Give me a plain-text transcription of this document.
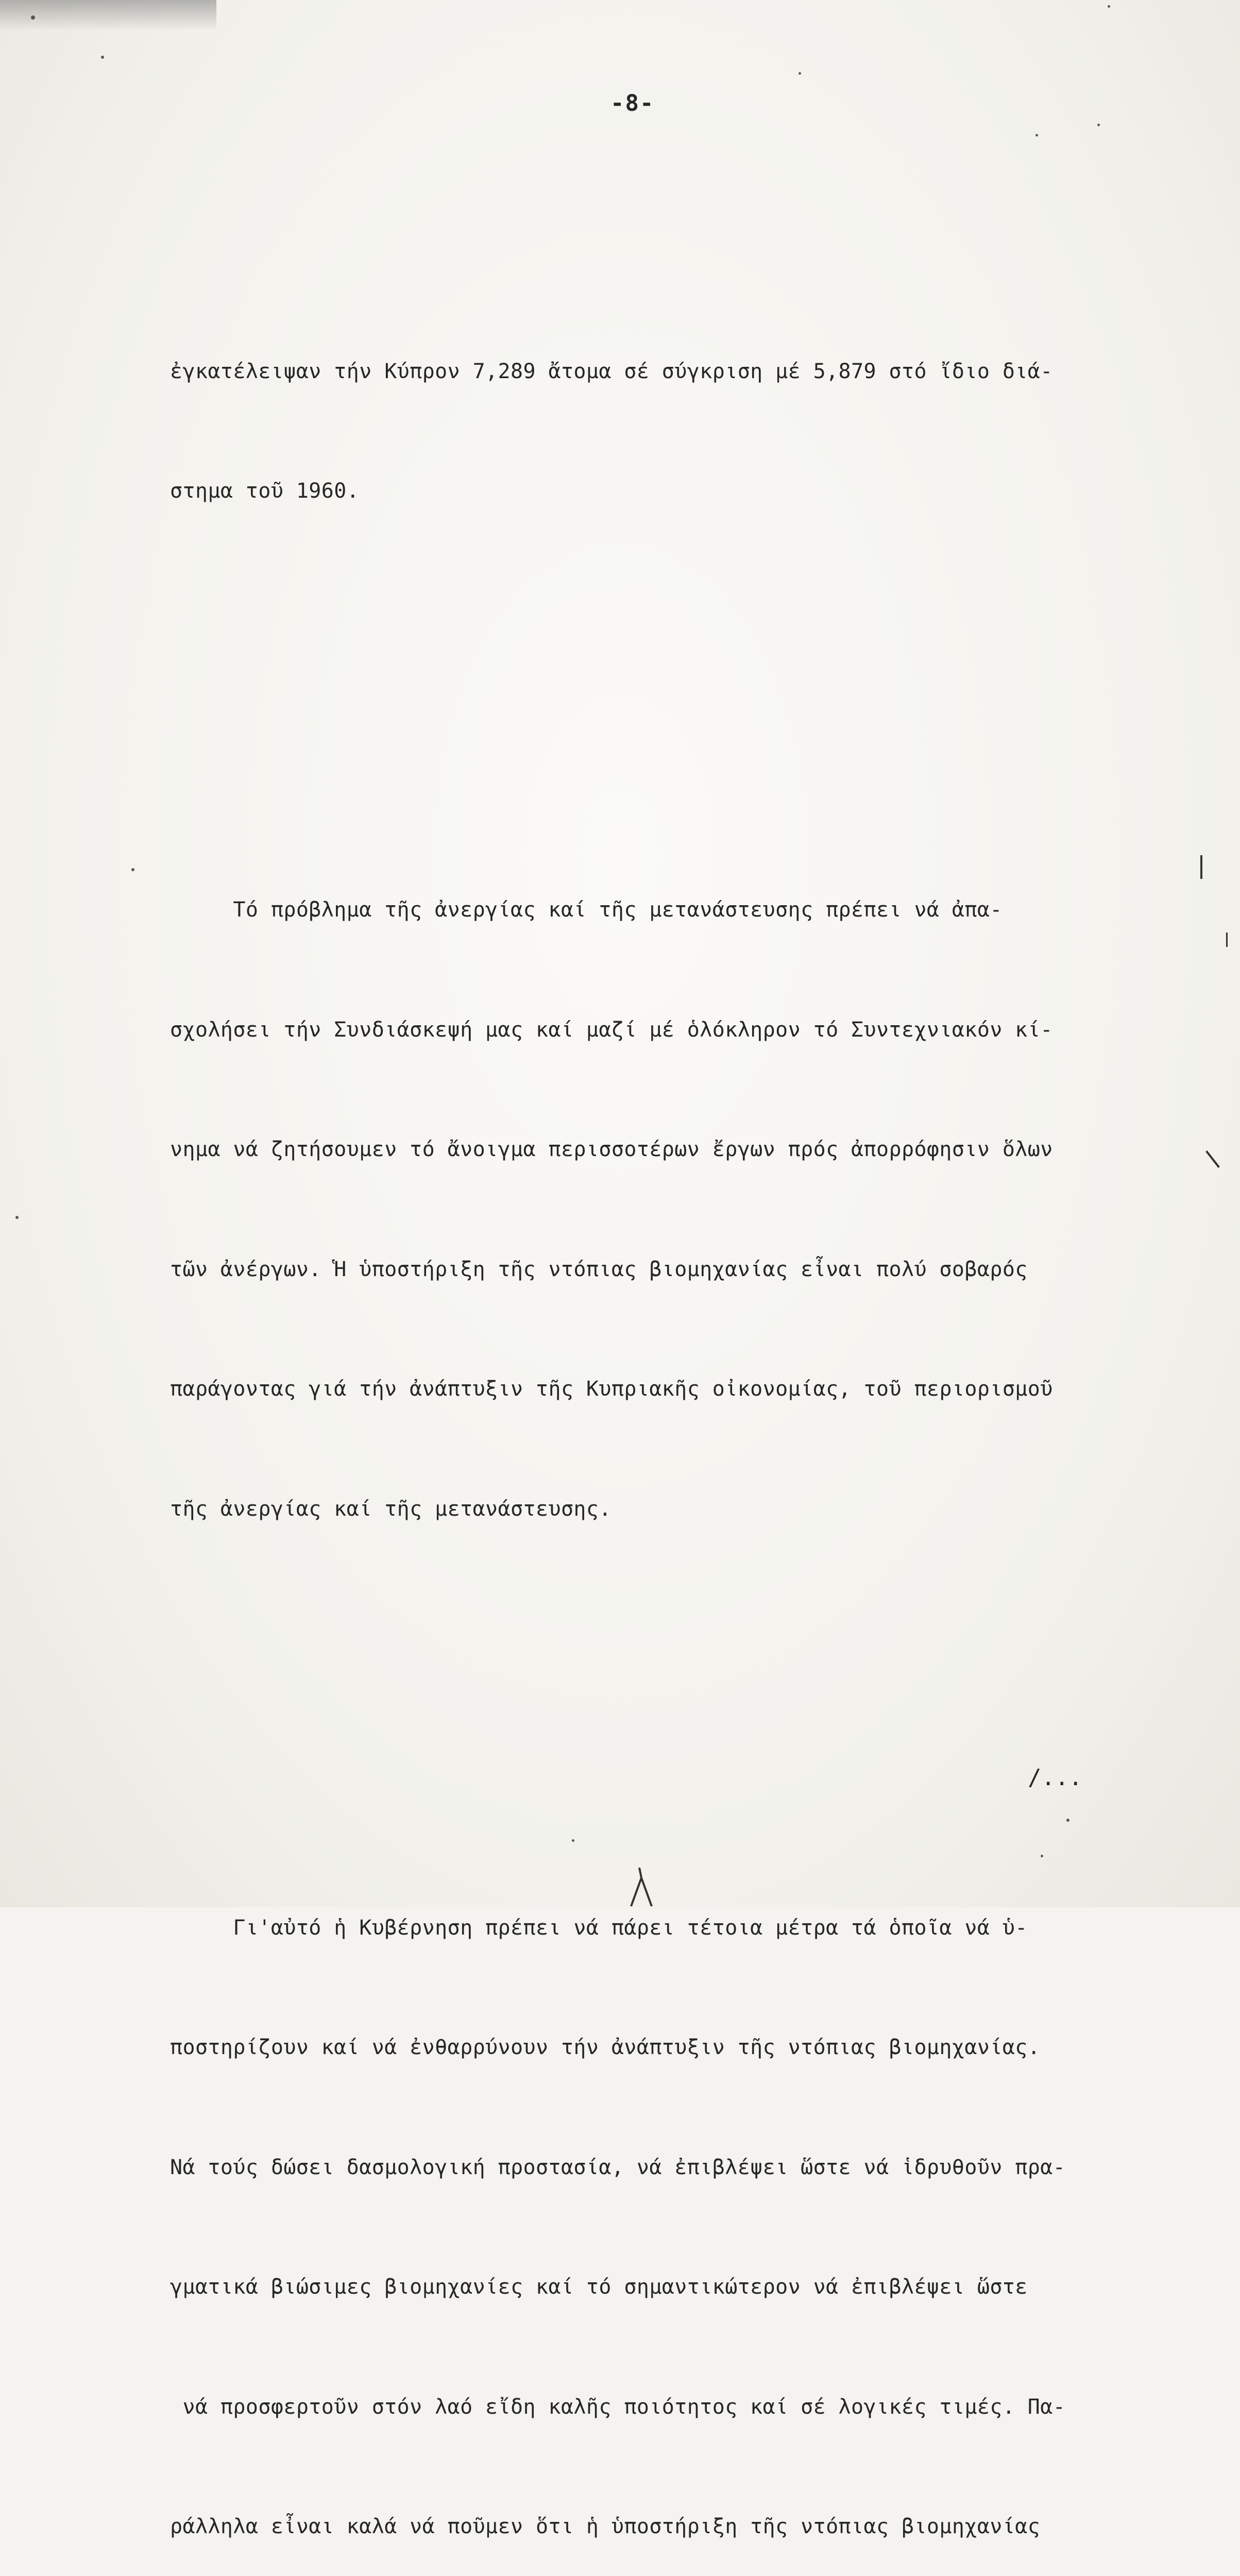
-8-

ἐγκατέλειψαν τήν Κύπρον 7,289 ἄτομα σέ σύγκριση μέ 5,879 στό ἴδιο διά-

στημα τοῦ 1960.

Τό πρόβλημα τῆς ἀνεργίας καί τῆς μετανάστευσης πρέπει νά ἀπα-

σχολήσει τήν Συνδιάσκεψή μας καί μαζί μέ ὁλόκληρον τό Συντεχνιακόν κί-

νημα νά ζητήσουμεν τό ἄνοιγμα περισσοτέρων ἔργων πρός ἀπορρόφησιν ὅλων

τῶν ἀνέργων. Ἡ ὑποστήριξη τῆς ντόπιας βιομηχανίας εἶναι πολύ σοβαρός

παράγοντας γιά τήν ἀνάπτυξιν τῆς Κυπριακῆς οἰκονομίας, τοῦ περιορισμοῦ

τῆς ἀνεργίας καί τῆς μετανάστευσης.

Γι'αὐτό ἡ Κυβέρνηση πρέπει νά πάρει τέτοια μέτρα τά ὁποῖα νά ὑ-

ποστηρίζουν καί νά ἐνθαρρύνουν τήν ἀνάπτυξιν τῆς ντόπιας βιομηχανίας.

Νά τούς δώσει δασμολογική προστασία, νά ἐπιβλέψει ὥστε νά ἱδρυθοῦν πρα-

γματικά βιώσιμες βιομηχανίες καί τό σημαντικώτερον νά ἐπιβλέψει ὥστε

νά προσφερτοῦν στόν λαό εἴδη καλῆς ποιότητος καί σέ λογικές τιμές. Πα-

ράλληλα εἶναι καλά νά ποῦμεν ὅτι ἡ ὑποστήριξη τῆς ντόπιας βιομηχανίας

/...
